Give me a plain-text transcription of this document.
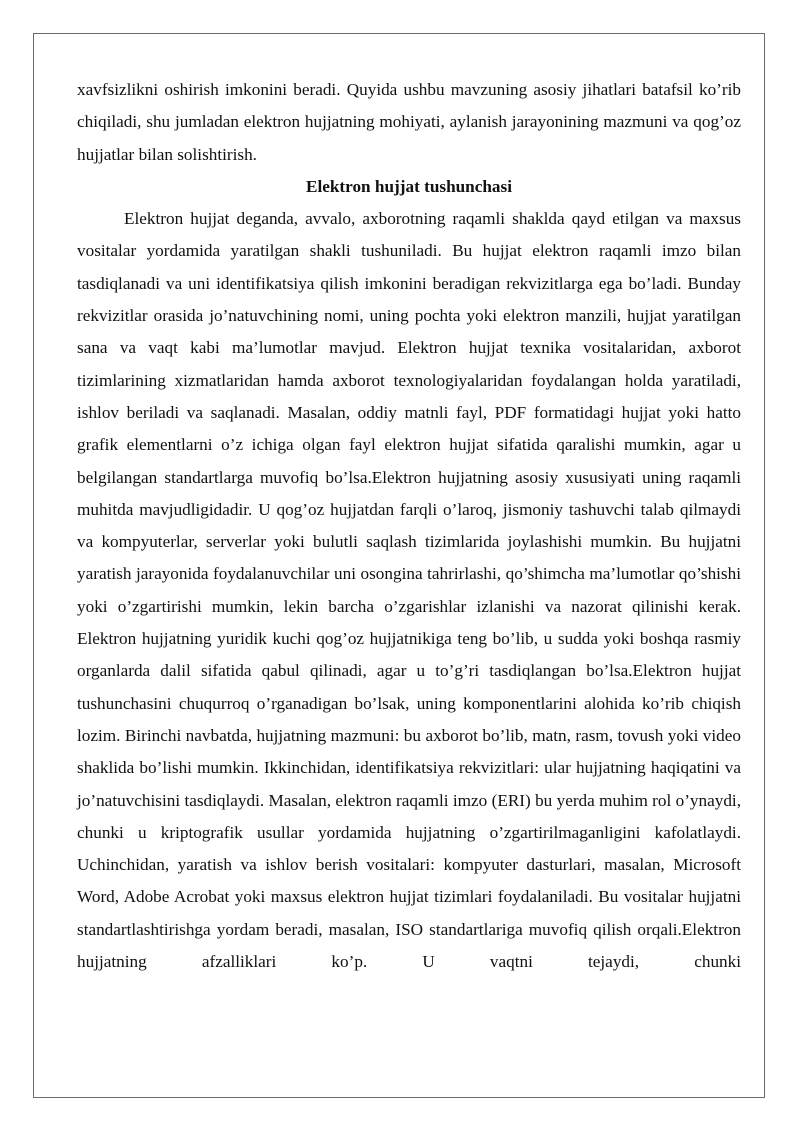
xavfsizlikni oshirish imkonini beradi. Quyida ushbu mavzuning asosiy jihatlari batafsil ko’rib chiqiladi, shu jumladan elektron hujjatning mohiyati, aylanish jarayonining mazmuni va qog’oz hujjatlar bilan solishtirish.

Elektron hujjat tushunchasi

Elektron hujjat deganda, avvalo, axborotning raqamli shaklda qayd etilgan va maxsus vositalar yordamida yaratilgan shakli tushuniladi. Bu hujjat elektron raqamli imzo bilan tasdiqlanadi va uni identifikatsiya qilish imkonini beradigan rekvizitlarga ega bo’ladi. Bunday rekvizitlar orasida jo’natuvchining nomi, uning pochta yoki elektron manzili, hujjat yaratilgan sana va vaqt kabi ma’lumotlar mavjud. Elektron hujjat texnika vositalaridan, axborot tizimlarining xizmatlaridan hamda axborot texnologiyalaridan foydalangan holda yaratiladi, ishlov beriladi va saqlanadi. Masalan, oddiy matnli fayl, PDF formatidagi hujjat yoki hatto grafik elementlarni o’z ichiga olgan fayl elektron hujjat sifatida qaralishi mumkin, agar u belgilangan standartlarga muvofiq bo’lsa.Elektron hujjatning asosiy xususiyati uning raqamli muhitda mavjudligidadir. U qog’oz hujjatdan farqli o’laroq, jismoniy tashuvchi talab qilmaydi va kompyuterlar, serverlar yoki bulutli saqlash tizimlarida joylashishi mumkin. Bu hujjatni yaratish jarayonida foydalanuvchilar uni osongina tahrirlashi, qo’shimcha ma’lumotlar qo’shishi yoki o’zgartirishi mumkin, lekin barcha o’zgarishlar izlanishi va nazorat qilinishi kerak. Elektron hujjatning yuridik kuchi qog’oz hujjatnikiga teng bo’lib, u sudda yoki boshqa rasmiy organlarda dalil sifatida qabul qilinadi, agar u to’g’ri tasdiqlangan bo’lsa.Elektron hujjat tushunchasini chuqurroq o’rganadigan bo’lsak, uning komponentlarini alohida ko’rib chiqish lozim. Birinchi navbatda, hujjatning mazmuni: bu axborot bo’lib, matn, rasm, tovush yoki video shaklida bo’lishi mumkin. Ikkinchidan, identifikatsiya rekvizitlari: ular hujjatning haqiqatini va jo’natuvchisini tasdiqlaydi. Masalan, elektron raqamli imzo (ERI) bu yerda muhim rol o’ynaydi, chunki u kriptografik usullar yordamida hujjatning o’zgartirilmaganligini kafolatlaydi. Uchinchidan, yaratish va ishlov berish vositalari: kompyuter dasturlari, masalan, Microsoft Word, Adobe Acrobat yoki maxsus elektron hujjat tizimlari foydalaniladi. Bu vositalar hujjatni standartlashtirishga yordam beradi, masalan, ISO standartlariga muvofiq qilish orqali.Elektron hujjatning afzalliklari ko’p. U vaqtni tejaydi, chunki
